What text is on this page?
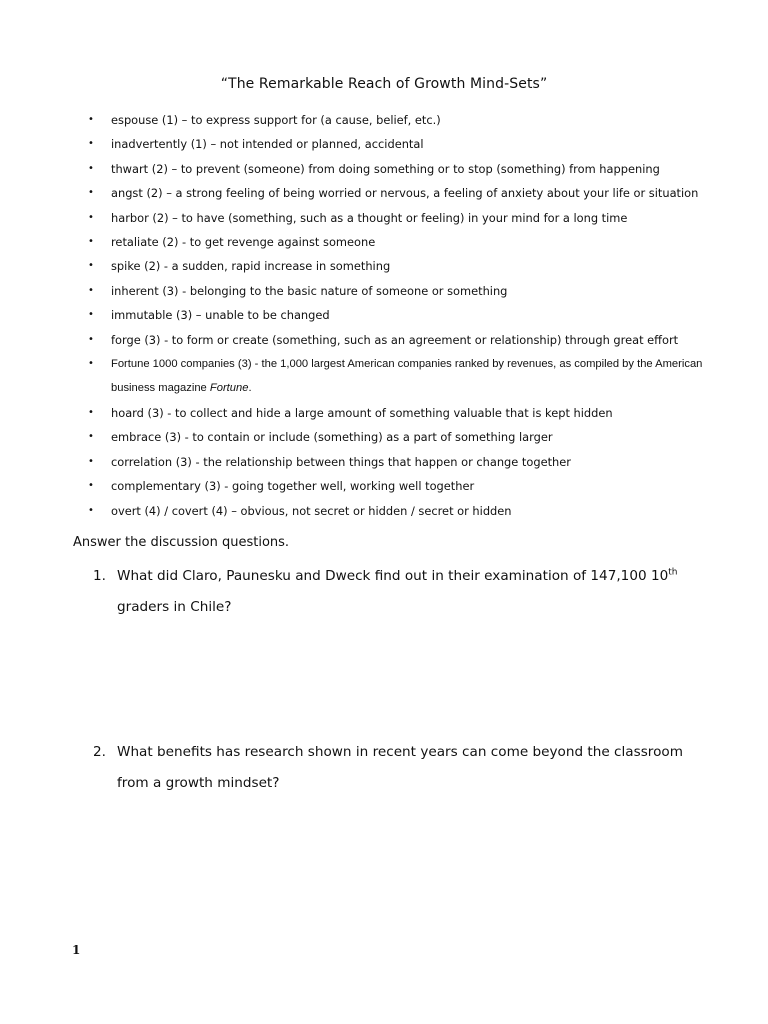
“The Remarkable Reach of Growth Mind-Sets”
• espouse (1) – to express support for (a cause, belief, etc.)
• inadvertently (1) – not intended or planned, accidental
• thwart (2) – to prevent (someone) from doing something or to stop (something) from happening
• angst (2) – a strong feeling of being worried or nervous, a feeling of anxiety about your life or situation
• harbor (2) – to have (something, such as a thought or feeling) in your mind for a long time
• retaliate (2) - to get revenge against someone
• spike (2) - a sudden, rapid increase in something
• inherent (3) - belonging to the basic nature of someone or something
• immutable (3) – unable to be changed
• forge (3) - to form or create (something, such as an agreement or relationship) through great effort
• Fortune 1000 companies (3) - the 1,000 largest American companies ranked by revenues, as compiled by the American business magazine Fortune.
• hoard (3) - to collect and hide a large amount of something valuable that is kept hidden
• embrace (3) - to contain or include (something) as a part of something larger
• correlation (3) - the relationship between things that happen or change together
• complementary (3) - going together well, working well together
• overt (4) / covert (4) – obvious, not secret or hidden / secret or hidden
Answer the discussion questions.
1. What did Claro, Paunesku and Dweck find out in their examination of 147,100 10th graders in Chile?
2. What benefits has research shown in recent years can come beyond the classroom from a growth mindset?
1
